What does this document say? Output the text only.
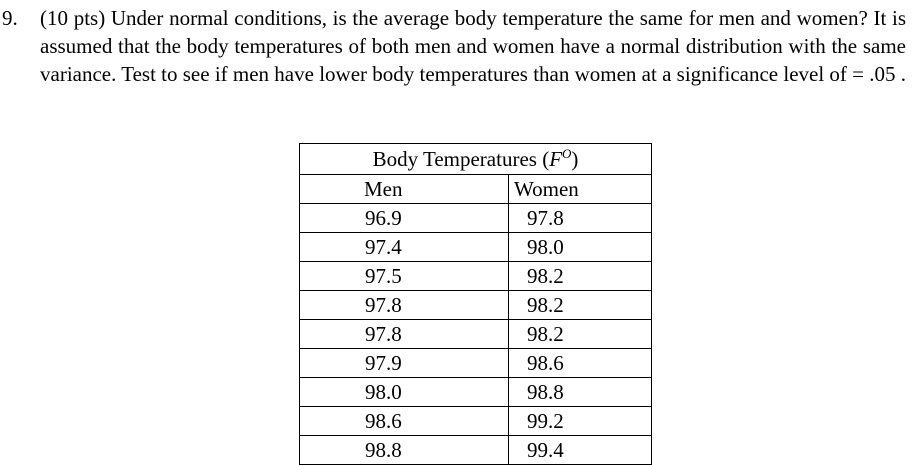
9. (10 pts) Under normal conditions, is the average body temperature the same for men and women? It is assumed that the body temperatures of both men and women have a normal distribution with the same variance. Test to see if men have lower body temperatures than women at a significance level of = .05 .
Body Temperatures $(F^O)$	
Men	Women
96.9	97.8
97.4	98.0
97.5	98.2
97.8	98.2
97.8	98.2
97.9	98.6
98.0	98.8
98.6	99.2
98.8	99.4
